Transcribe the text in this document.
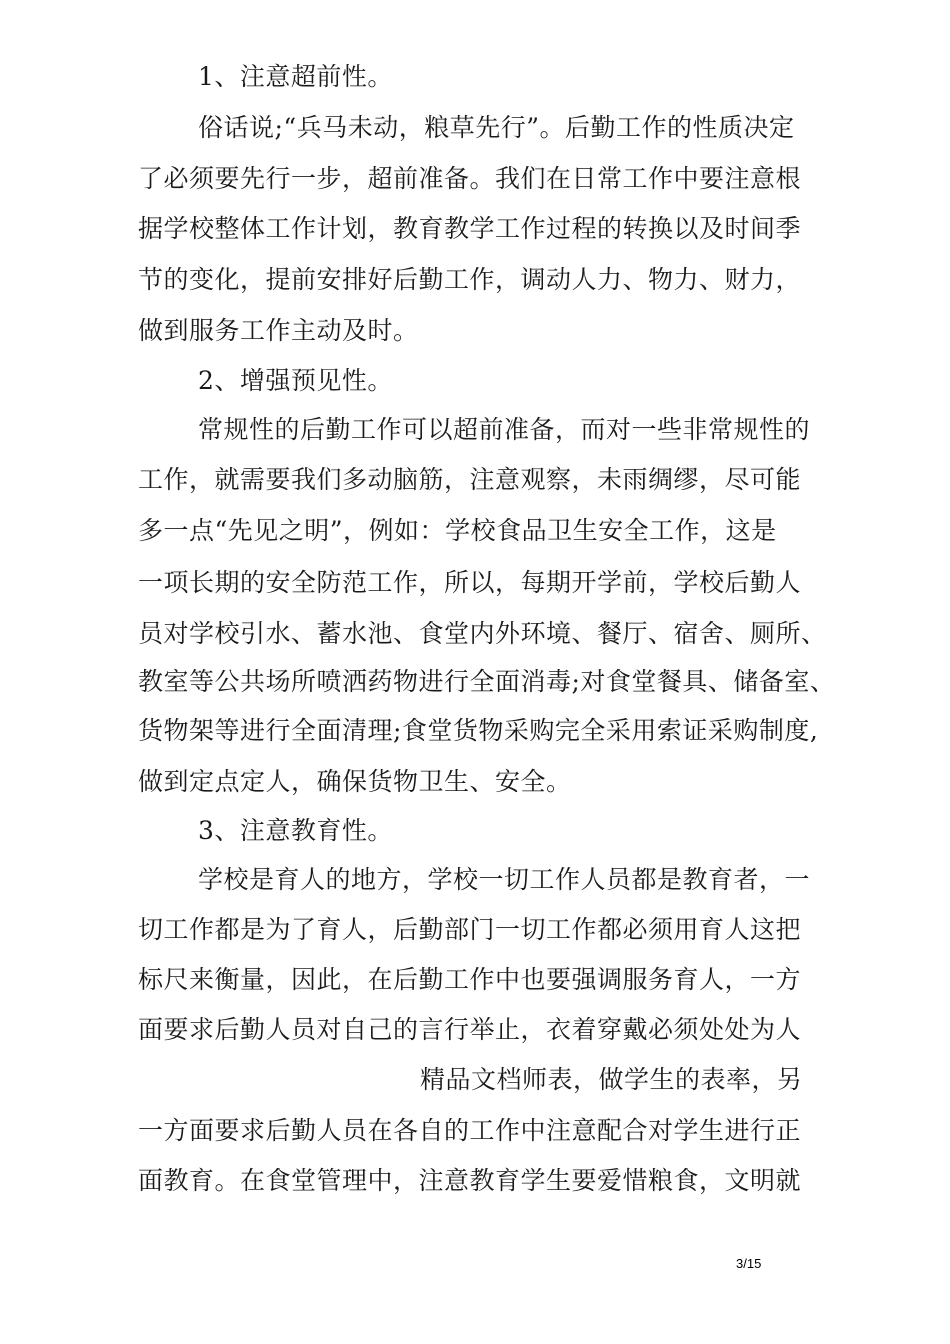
1、注意超前性。
俗话说;“兵马未动，粮草先行”。后勤工作的性质决定
了必须要先行一步，超前准备。我们在日常工作中要注意根
据学校整体工作计划，教育教学工作过程的转换以及时间季
节的变化，提前安排好后勤工作，调动人力、物力、财力，
做到服务工作主动及时。
2、增强预见性。
常规性的后勤工作可以超前准备，而对一些非常规性的
工作，就需要我们多动脑筋，注意观察，未雨绸缪，尽可能
多一点“先见之明”，例如：学校食品卫生安全工作，这是
一项长期的安全防范工作，所以，每期开学前，学校后勤人
员对学校引水、蓄水池、食堂内外环境、餐厅、宿舍、厕所、
教室等公共场所喷洒药物进行全面消毒;对食堂餐具、储备室、
货物架等进行全面清理;食堂货物采购完全采用索证采购制度,
做到定点定人，确保货物卫生、安全。
3、注意教育性。
学校是育人的地方，学校一切工作人员都是教育者，一
切工作都是为了育人，后勤部门一切工作都必须用育人这把
标尺来衡量，因此，在后勤工作中也要强调服务育人，一方
面要求后勤人员对自己的言行举止，衣着穿戴必须处处为人
精品文档师表，做学生的表率，另
一方面要求后勤人员在各自的工作中注意配合对学生进行正
面教育。在食堂管理中，注意教育学生要爱惜粮食，文明就
3/15
